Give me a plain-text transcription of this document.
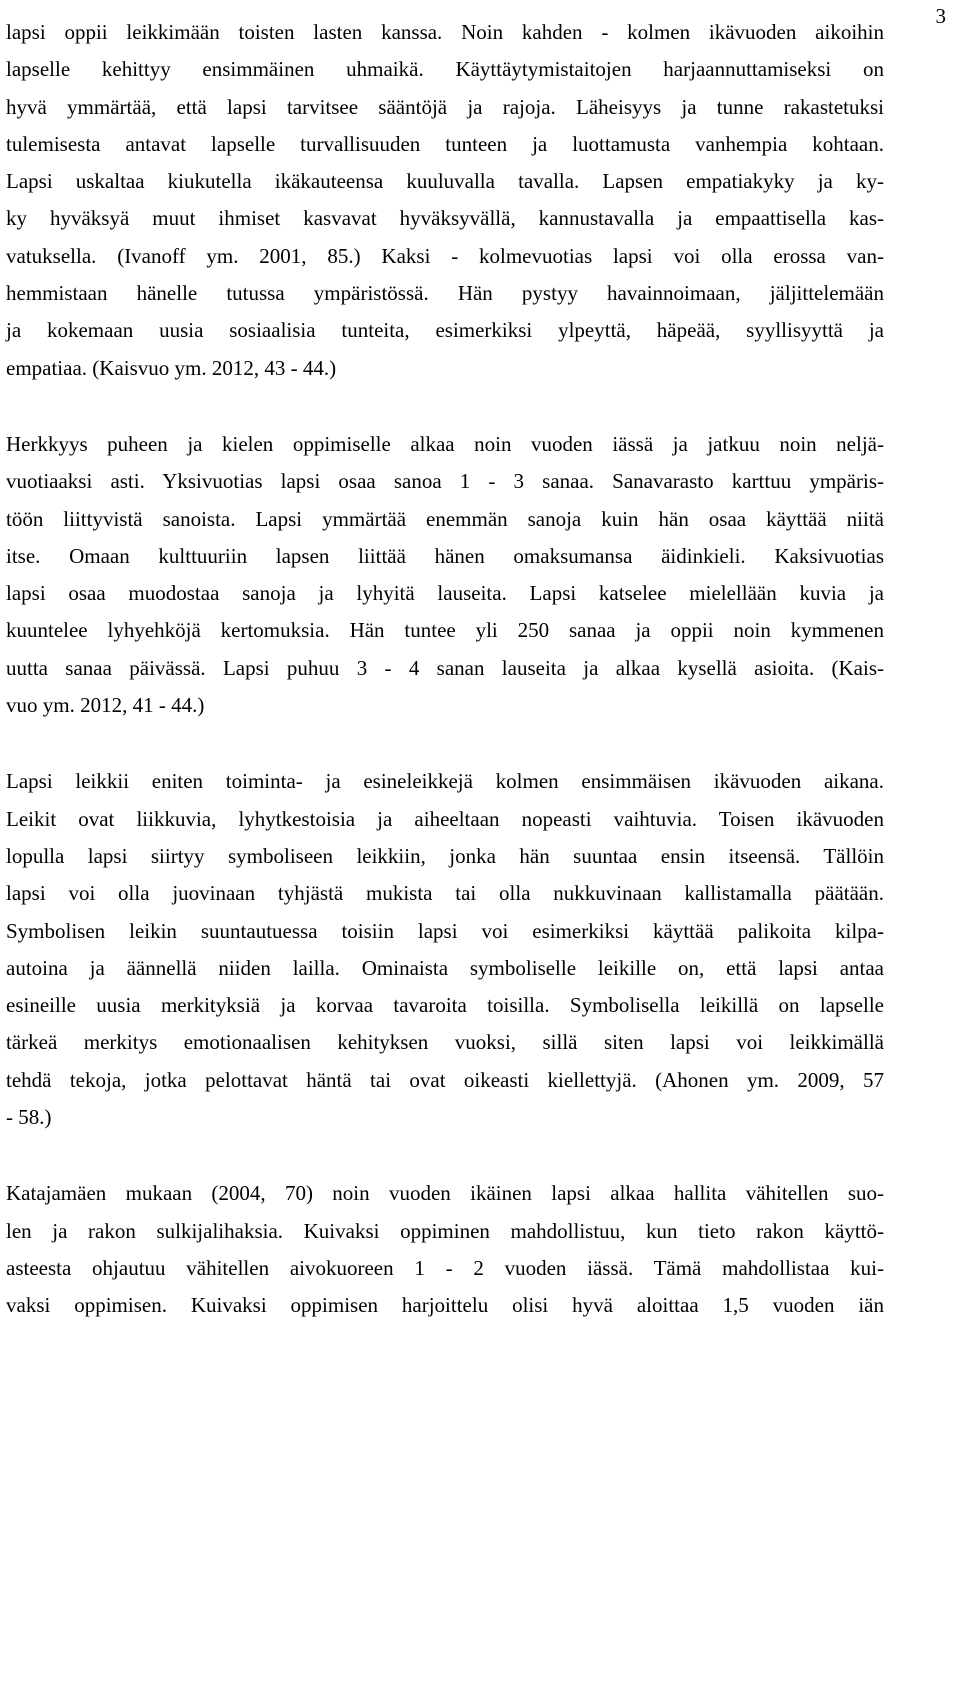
3
lapsi oppii leikkimään toisten lasten kanssa. Noin kahden - kolmen ikävuoden aikoihin
lapselle kehittyy ensimmäinen uhmaikä. Käyttäytymistaitojen harjaannuttamiseksi on
hyvä ymmärtää, että lapsi tarvitsee sääntöjä ja rajoja. Läheisyys ja tunne rakastetuksi
tulemisesta antavat lapselle turvallisuuden tunteen ja luottamusta vanhempia kohtaan.
Lapsi uskaltaa kiukutella ikäkauteensa kuuluvalla tavalla. Lapsen empatiakyky ja ky-
ky hyväksyä muut ihmiset kasvavat hyväksyvällä, kannustavalla ja empaattisella kas-
vatuksella. (Ivanoff ym. 2001, 85.) Kaksi - kolmevuotias lapsi voi olla erossa van-
hemmistaan hänelle tutussa ympäristössä. Hän pystyy havainnoimaan, jäljittelemään
ja kokemaan uusia sosiaalisia tunteita, esimerkiksi ylpeyttä, häpeää, syyllisyyttä ja
empatiaa. (Kaisvuo ym. 2012, 43 - 44.)
Herkkyys puheen ja kielen oppimiselle alkaa noin vuoden iässä ja jatkuu noin neljä-
vuotiaaksi asti. Yksivuotias lapsi osaa sanoa 1 - 3 sanaa. Sanavarasto karttuu ympäris-
töön liittyvistä sanoista. Lapsi ymmärtää enemmän sanoja kuin hän osaa käyttää niitä
itse. Omaan kulttuuriin lapsen liittää hänen omaksumansa äidinkieli. Kaksivuotias
lapsi osaa muodostaa sanoja ja lyhyitä lauseita. Lapsi katselee mielellään kuvia ja
kuuntelee lyhyehköjä kertomuksia. Hän tuntee yli 250 sanaa ja oppii noin kymmenen
uutta sanaa päivässä. Lapsi puhuu 3 - 4 sanan lauseita ja alkaa kysellä asioita. (Kais-
vuo ym. 2012, 41 - 44.)
Lapsi leikkii eniten toiminta- ja esineleikkejä kolmen ensimmäisen ikävuoden aikana.
Leikit ovat liikkuvia, lyhytkestoisia ja aiheeltaan nopeasti vaihtuvia. Toisen ikävuoden
lopulla lapsi siirtyy symboliseen leikkiin, jonka hän suuntaa ensin itseensä. Tällöin
lapsi voi olla juovinaan tyhjästä mukista tai olla nukkuvinaan kallistamalla päätään.
Symbolisen leikin suuntautuessa toisiin lapsi voi esimerkiksi käyttää palikoita kilpa-
autoina ja äännellä niiden lailla. Ominaista symboliselle leikille on, että lapsi antaa
esineille uusia merkityksiä ja korvaa tavaroita toisilla. Symbolisella leikillä on lapselle
tärkeä merkitys emotionaalisen kehityksen vuoksi, sillä siten lapsi voi leikkimällä
tehdä tekoja, jotka pelottavat häntä tai ovat oikeasti kiellettyjä. (Ahonen ym. 2009, 57
- 58.)
Katajamäen mukaan (2004, 70) noin vuoden ikäinen lapsi alkaa hallita vähitellen suo-
len ja rakon sulkijalihaksia. Kuivaksi oppiminen mahdollistuu, kun tieto rakon käyttö-
asteesta ohjautuu vähitellen aivokuoreen 1 - 2 vuoden iässä. Tämä mahdollistaa kui-
vaksi oppimisen. Kuivaksi oppimisen harjoittelu olisi hyvä aloittaa 1,5 vuoden iän
